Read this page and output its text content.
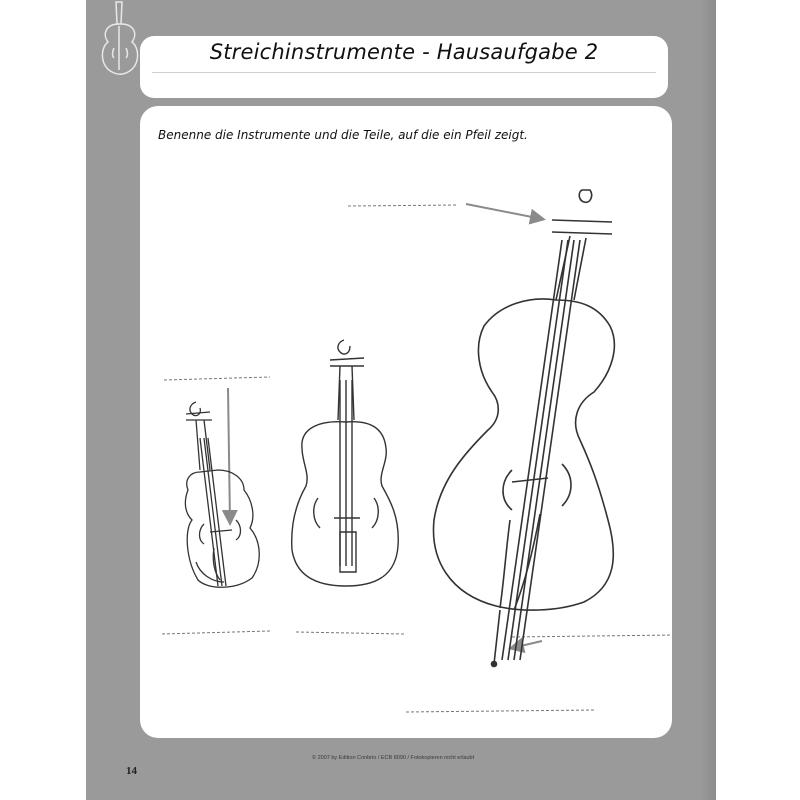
Streichinstrumente - Hausaufgabe 2
Benenne die Instrumente und die Teile, auf die ein Pfeil zeigt.
© 2007 by Edition Conbrio / ECB 8090 / Fotokopieren nicht erlaubt
14
